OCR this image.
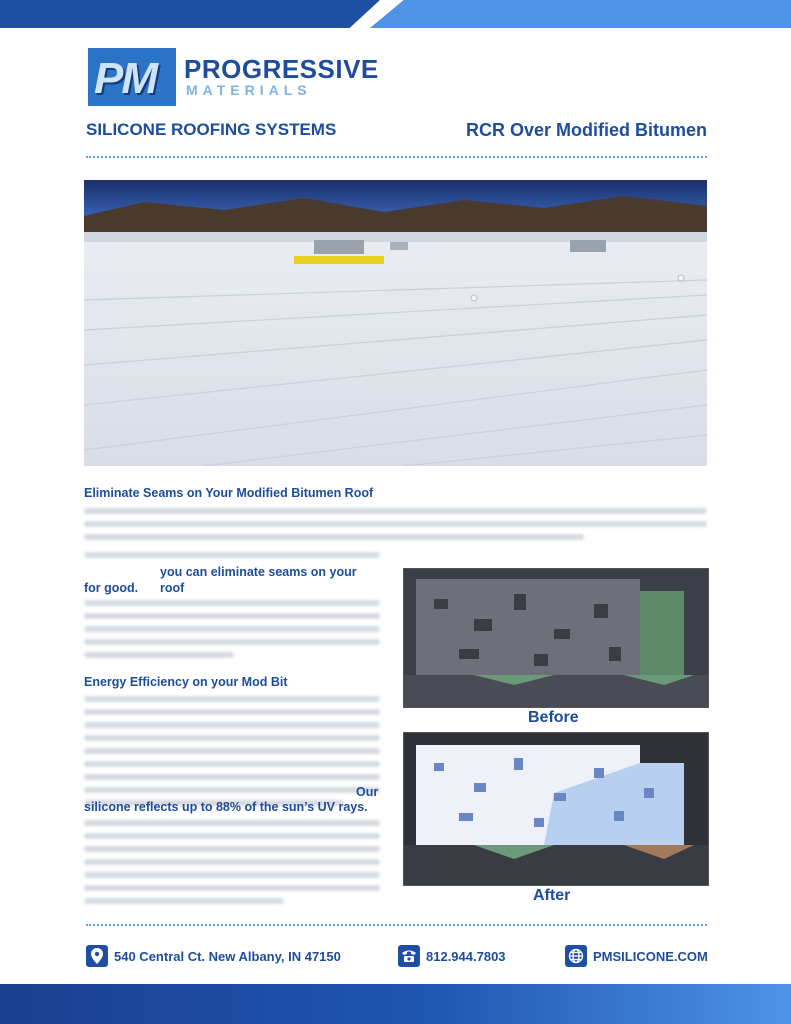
PM PROGRESSIVE
MATERIALS
SILICONE ROOFING SYSTEMS	RCR Over Modified Bitumen
Eliminate Seams on Your Modified Bitumen Roof
you can eliminate seams on your roof
for good.
Energy Efficiency on your Mod Bit
Our
silicone reflects up to 88% of the sun’s UV rays.
Before
After
540 Central Ct. New Albany, IN 47150	812.944.7803	PMSILICONE.COM
